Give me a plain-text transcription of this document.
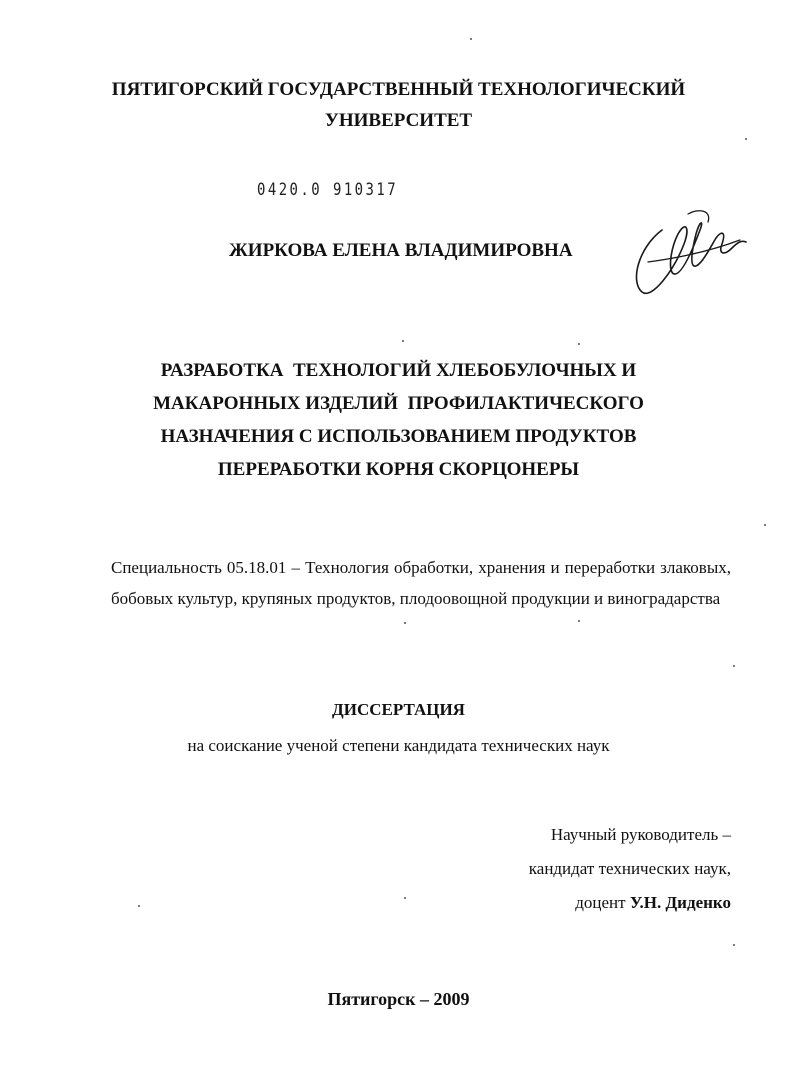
ПЯТИГОРСКИЙ ГОСУДАРСТВЕННЫЙ ТЕХНОЛОГИЧЕСКИЙ
УНИВЕРСИТЕТ
0420.0 910317
ЖИРКОВА ЕЛЕНА ВЛАДИМИРОВНА
РАЗРАБОТКА  ТЕХНОЛОГИЙ ХЛЕБОБУЛОЧНЫХ И
МАКАРОННЫХ ИЗДЕЛИЙ  ПРОФИЛАКТИЧЕСКОГО
НАЗНАЧЕНИЯ С ИСПОЛЬЗОВАНИЕМ ПРОДУКТОВ
ПЕРЕРАБОТКИ КОРНЯ СКОРЦОНЕРЫ
Специальность 05.18.01 – Технология обработки, хранения и переработки злаковых, бобовых культур, крупяных продуктов, плодоовощной продукции и виноградарства
ДИССЕРТАЦИЯ
на соискание ученой степени кандидата технических наук
Научный руководитель –
кандидат технических наук,
доцент У.Н. Диденко
Пятигорск – 2009
